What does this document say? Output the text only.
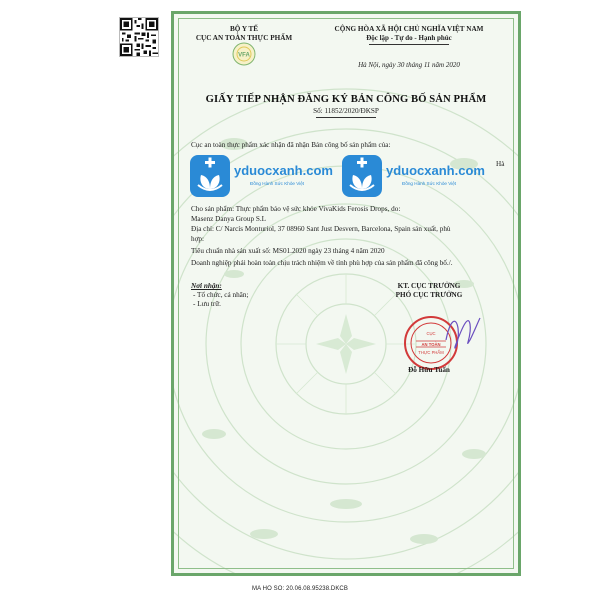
BỘ Y TẾ
CỤC AN TOÀN THỰC PHẨM
VFA
CỘNG HÒA XÃ HỘI CHỦ NGHĨA VIỆT NAM
Độc lập - Tự do - Hạnh phúc
Hà Nội, ngày 30 tháng 11 năm 2020
GIẤY TIẾP NHẬN ĐĂNG KÝ BẢN CÔNG BỐ SẢN PHẨM
Số: 11852/2020/ĐKSP
Cục an toàn thực phẩm xác nhận đã nhận Bản công bố sản phẩm của:
Hà
yduocxanh.com
Đồng Hành Sức Khỏe Việt
yduocxanh.com
Đồng Hành Sức Khỏe Việt
Cho sản phẩm: Thực phẩm bảo vệ sức khỏe VivaKids Ferosis Drops, do:
Masenz Danya Group S.L
Địa chỉ: C/ Narcís Monturiol, 37 08960 Sant Just Desvern, Barcelona, Spain sản xuất, phù
hợp:
Tiêu chuẩn nhà sản xuất số: MS01.2020 ngày 23 tháng 4 năm 2020
Doanh nghiệp phải hoàn toàn chịu trách nhiệm về tính phù hợp của sản phẩm đã công bố./.
Nơi nhận:
- Tổ chức, cá nhân;
- Lưu trữ.
KT. CỤC TRƯỞNG
PHÓ CỤC TRƯỞNG
CỤC
AN TOÀN
THỰC PHẨM
Đỗ Hữu Tuấn
MA HO SO: 20.06.08.95238.DKCB
